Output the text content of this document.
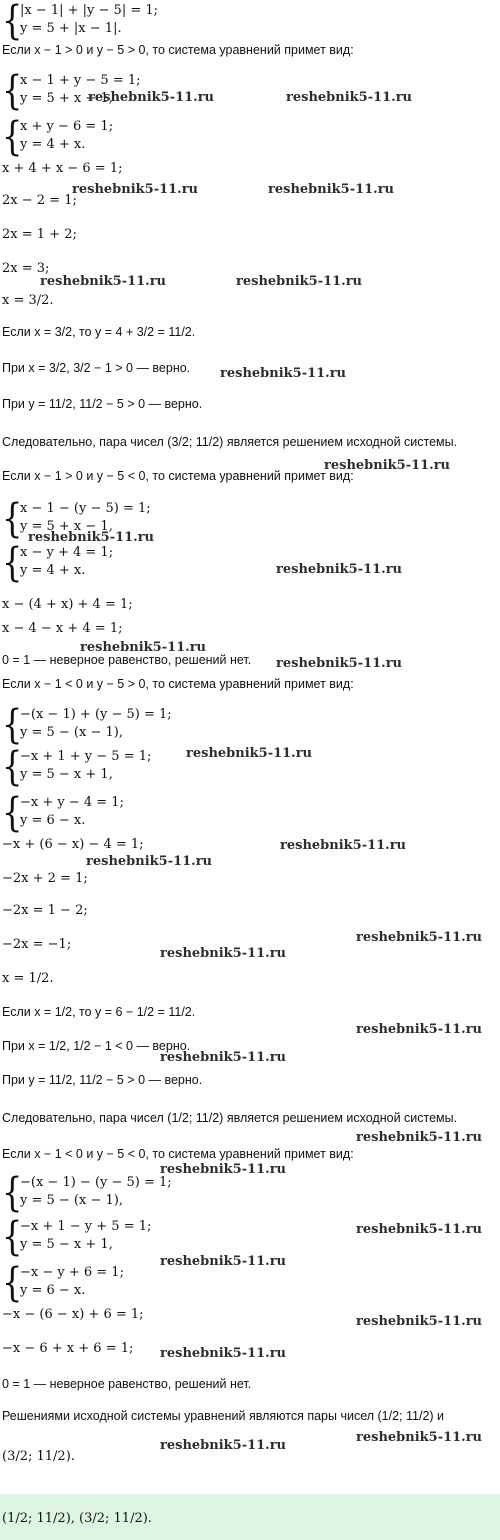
{
|x − 1| + |y − 5| = 1;
y = 5 + |x − 1|.

Если x − 1 > 0 и y − 5 > 0, то система уравнений примет вид:

{
x − 1 + y − 5 = 1;
y = 5 + x − 1,
{
x + y − 6 = 1;
y = 4 + x.

x + 4 + x − 6 = 1;

2x − 2 = 1;

2x = 1 + 2;

2x = 3;

x = 3/2.

Если x = 3/2, то y = 4 + 3/2 = 11/2.

При x = 3/2, 3/2 − 1 > 0 — верно.

При y = 11/2, 11/2 − 5 > 0 — верно.

Следовательно, пара чисел (3/2; 11/2) является решением исходной системы.

Если x − 1 > 0 и y − 5 < 0, то система уравнений примет вид:

{
x − 1 − (y − 5) = 1;
y = 5 + x − 1,
{
x − y + 4 = 1;
y = 4 + x.

x − (4 + x) + 4 = 1;

x − 4 − x + 4 = 1;

0 = 1 — неверное равенство, решений нет.

Если x − 1 < 0 и y − 5 > 0, то система уравнений примет вид:

{
−(x − 1) + (y − 5) = 1;
y = 5 − (x − 1),
{
−x + 1 + y − 5 = 1;
y = 5 − x + 1,
{
−x + y − 4 = 1;
y = 6 − x.

−x + (6 − x) − 4 = 1;

−2x + 2 = 1;

−2x = 1 − 2;

−2x = −1;

x = 1/2.

Если x = 1/2, то y = 6 − 1/2 = 11/2.

При x = 1/2, 1/2 − 1 < 0 — верно.

При y = 11/2, 11/2 − 5 > 0 — верно.

Следовательно, пара чисел (1/2; 11/2) является решением исходной системы.

Если x − 1 < 0 и y − 5 < 0, то система уравнений примет вид:

{
−(x − 1) − (y − 5) = 1;
y = 5 − (x − 1),
{
−x + 1 − y + 5 = 1;
y = 5 − x + 1,
{
−x − y + 6 = 1;
y = 6 − x.

−x − (6 − x) + 6 = 1;

−x − 6 + x + 6 = 1;

0 = 1 — неверное равенство, решений нет.

Решениями исходной системы уравнений являются пары чисел (1/2; 11/2) и

(3/2; 11/2).

(1/2; 11/2), (3/2; 11/2).

reshebnik5-11.ru	reshebnik5-11.ru
reshebnik5-11.ru	reshebnik5-11.ru
reshebnik5-11.ru	reshebnik5-11.ru
reshebnik5-11.ru
reshebnik5-11.ru
reshebnik5-11.ru
reshebnik5-11.ru
reshebnik5-11.ru
reshebnik5-11.ru
reshebnik5-11.ru
reshebnik5-11.ru
reshebnik5-11.ru
reshebnik5-11.ru
reshebnik5-11.ru
reshebnik5-11.ru
reshebnik5-11.ru
reshebnik5-11.ru
reshebnik5-11.ru
reshebnik5-11.ru
reshebnik5-11.ru
reshebnik5-11.ru
reshebnik5-11.ru
reshebnik5-11.ru
reshebnik5-11.ru
